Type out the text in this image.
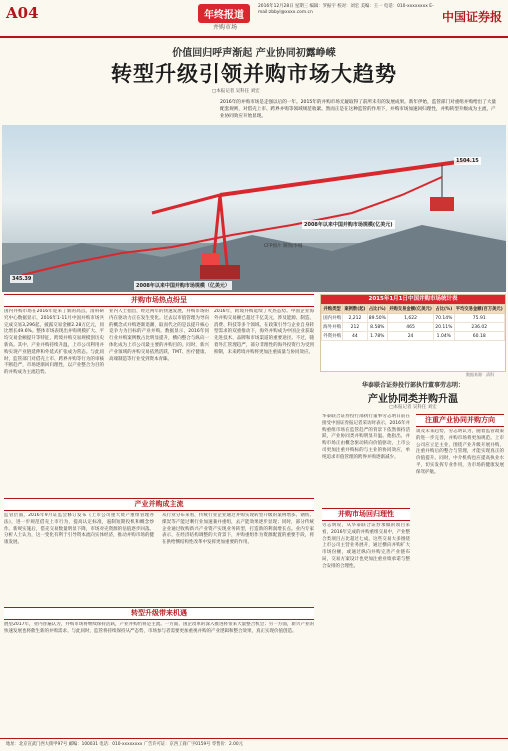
A04	年终报道
并购市场
2016年12月28日 星期三 编辑：罗振宇 校对：刘宏 美编：王一 电话：010-xxxxxxxx E-mail:zbbyl@xxxx.com.cn	中国证券报
价值回归呼声渐起 产业协同初露峥嵘
转型升级引领并购市场大趋势
□本报记者 吴科任 刘宏
2016年的并购市场是走强以后的一年。2015年的并购市场无疑取得了前所未有的发展成果。新年伊始，监管部门对重组并购给出了大量配套规则，对借壳上市、跨界并购等领域规范收紧。然而正是在这种监管的作用下，并购市场加速回归理性，并购转型升级成为主流，产业协同效应开始显现。
345.39
1504.15
2008年以来中国并购市场规模(亿美元)
2008年以来中国并购市场规模（亿美元）
CFP图片 制图/李娜
并购市场热点纷呈
国内并购市场在2016年迎来了新的高点。清科研究中心数据显示，2016年1-11月中国并购市场共完成交易3,296起，披露交易金额2.28万亿元，同比增长49.6%。整体市场表现出并购规模扩大、平均交易金额提升等特征，跨境并购交易规模创历史新高。其中，产业并购持续升温，上市公司利用并购实现产业链延伸和外延式扩张成为常态。与此同时，监管部门对借壳上市、跨界并购等行为的审核不断趋严，市场逐渐回归理性，以产业整合为目的的并购成为主流趋势。
业内人士指出，经过两年的快速发展，并购市场的内在驱动力正在发生变化。过去以市值管理为导向的概念式并购逐渐退潮，取而代之的是以提升核心竞争力为目标的产业并购。数据显示，2016年同行业并购案例数占比明显提升，横向整合与纵向一体化成为上市公司最主要的并购目的。同时，新兴产业领域的并购交易依然活跃，TMT、医疗健康、高端制造等行业受到资本青睐。
2016年，跨境并购延续了火热态势。中国企业海外并购交易额已超过千亿美元，涉及能源、制造、消费、科技等多个领域。在政策引导与企业自身转型需求的双重推动下，海外并购成为中国企业获取先进技术、品牌和市场渠道的重要途径。不过，随着外汇管理趋严，部分非理性的海外投资行为受到抑制，未来跨境并购将更加注重质量与协同效应。
产业并购成主流
监管层面，2016年9月证监会修订发布《上市公司重大资产重组管理办法》，进一步规范借壳上市行为，提高认定标准，遏制短期投机和概念炒作。新规实施后，借壳交易数量明显下降，市场对壳资源的估值逐步回落。分析人士认为，这一变化有利于引导资本流向实体经济，推动并购市场的健康发展。
从行业分布来看，传统行业企业通过并购实现转型升级的案例增多。钢铁、煤炭等产能过剩行业加速兼并重组，去产能效果逐步显现；同时，部分传统企业通过收购新兴产业资产实现业务转型，打造新的利润增长点。业内专家表示，在经济结构调整的大背景下，并购重组作为资源配置的重要手段，将在供给侧结构性改革中发挥更加重要的作用。
转型升级带来机遇
展望2017年，业内普遍认为，并购市场将继续保持活跃，产业并购仍将是主流。一方面，国企改革的深入推进将带来大量整合机会；另一方面，新兴产业的快速发展也将催生新的并购需求。与此同时，监管将持续保持从严态势，市场参与者需要更加重视并购的产业逻辑和整合效果，真正实现价值创造。
2015年1月1日中国并购市场统计表
并购类型	案例数(起)	占比(%)	并购交易金额(亿美元)	占比(%)	平均交易金额(百万美元)
国内并购	2,212	89.50%	1,622	70.14%	75.91
海外并购	212	8.58%	465	20.11%	236.02
外资并购	44	1.78%	24	1.04%	60.18
数据来源：清科
华泰联合证券投行部执行董事劳志明：
产业协同类并购升温
□本报记者 吴科任 刘宏
华泰联合证券投行部执行董事劳志明日前在接受中国证券报记者采访时表示，2016年并购重组市场在监管趋严的背景下依然保持活跃，产业协同类并购明显升温。他指出，并购市场正由概念驱动转向价值驱动，上市公司更加注重并购标的与主业的协同效应，单纯追求市值管理的跨界并购逐渐减少。
并购市场回归理性
劳志明说，从华泰联合证券承做的项目来看，2016年完成的并购重组交易中，产业整合类项目占比超过七成。这些交易大多围绕上市公司主营业务展开，通过横向并购扩大市场份额，或通过纵向并购完善产业链布局，交易方案设计也更加注重业绩承诺与整合安排的合理性。
注重产业协同并购方向
谈及未来趋势，劳志明认为，随着监管政策的进一步完善，并购市场将更加规范。上市公司应立足主业，围绕产业升级开展并购，注重并购后的整合与管理，才能实现真正的价值提升。同时，中介机构也应提高执业水平，切实发挥专业作用，为市场的健康发展保驾护航。
地址：北京宣武门西大街甲97号 邮编：100031 电话：010-xxxxxxxx 广告许可证：京西工商广字0159号 零售价：2.00元
